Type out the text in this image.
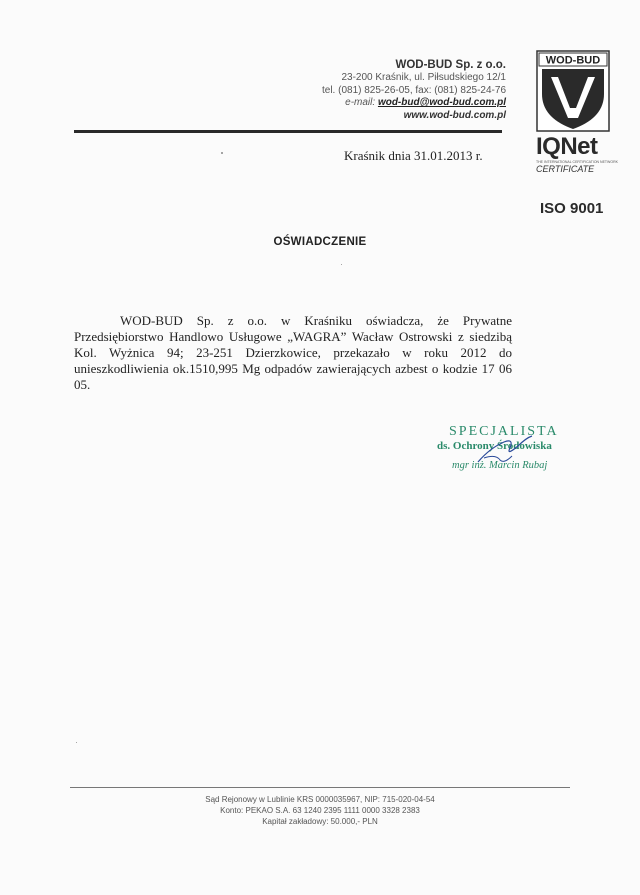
WOD-BUD Sp. z o.o.
23-200 Kraśnik, ul. Piłsudskiego 12/1
tel. (081) 825-26-05, fax: (081) 825-24-76
e-mail: wod-bud@wod-bud.com.pl
www.wod-bud.com.pl
WOD-BUD
IQNet
THE INTERNATIONAL CERTIFICATION NETWORK
CERTIFICATE
ISO 9001
Kraśnik dnia 31.01.2013 r.
OŚWIADCZENIE
WOD-BUD Sp. z o.o. w Kraśniku oświadcza, że Prywatne Przedsiębiorstwo Handlowo Usługowe „WAGRA” Wacław Ostrowski z siedzibą Kol. Wyżnica 94; 23-251 Dzierzkowice, przekazało w roku 2012 do unieszkodliwienia ok.1510,995 Mg odpadów zawierających azbest o kodzie 17 06 05.
SPECJALISTA
ds. Ochrony Środowiska
mgr inż. Marcin Rubaj
Sąd Rejonowy w Lublinie KRS 0000035967, NIP: 715-020-04-54
Konto: PEKAO S.A. 63 1240 2395 1111 0000 3328 2383
Kapitał zakładowy: 50.000,- PLN
